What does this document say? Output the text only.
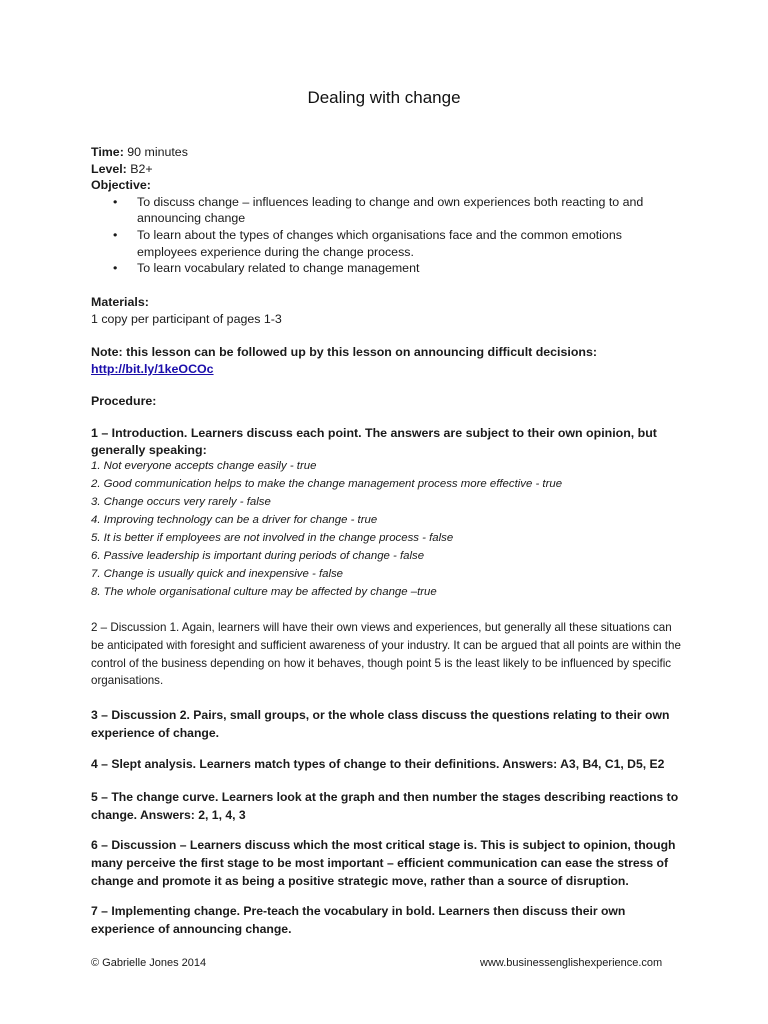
Dealing with change
Time: 90 minutes
Level: B2+
Objective:
• To discuss change – influences leading to change and own experiences both reacting to and announcing change
• To learn about the types of changes which organisations face and the common emotions employees experience during the change process.
• To learn vocabulary related to change management
Materials:
1 copy per participant of pages 1-3
Note: this lesson can be followed up by this lesson on announcing difficult decisions:
http://bit.ly/1keOCOc
Procedure:
1 – Introduction. Learners discuss each point. The answers are subject to their own opinion, but generally speaking:
1. Not everyone accepts change easily - true
2. Good communication helps to make the change management process more effective - true
3. Change occurs very rarely - false
4. Improving technology can be a driver for change - true
5. It is better if employees are not involved in the change process - false
6. Passive leadership is important during periods of change - false
7. Change is usually quick and inexpensive - false
8. The whole organisational culture may be affected by change –true
2 – Discussion 1. Again, learners will have their own views and experiences, but generally all these situations can be anticipated with foresight and sufficient awareness of your industry. It can be argued that all points are within the control of the business depending on how it behaves, though point 5 is the least likely to be influenced by specific organisations.
3 – Discussion 2. Pairs, small groups, or the whole class discuss the questions relating to their own experience of change.
4 – Slept analysis. Learners match types of change to their definitions. Answers: A3, B4, C1, D5, E2
5 – The change curve. Learners look at the graph and then number the stages describing reactions to change. Answers: 2, 1, 4, 3
6 – Discussion – Learners discuss which the most critical stage is. This is subject to opinion, though many perceive the first stage to be most important – efficient communication can ease the stress of change and promote it as being a positive strategic move, rather than a source of disruption.
7 – Implementing change. Pre-teach the vocabulary in bold. Learners then discuss their own experience of announcing change.
© Gabrielle Jones 2014	www.businessenglishexperience.com
